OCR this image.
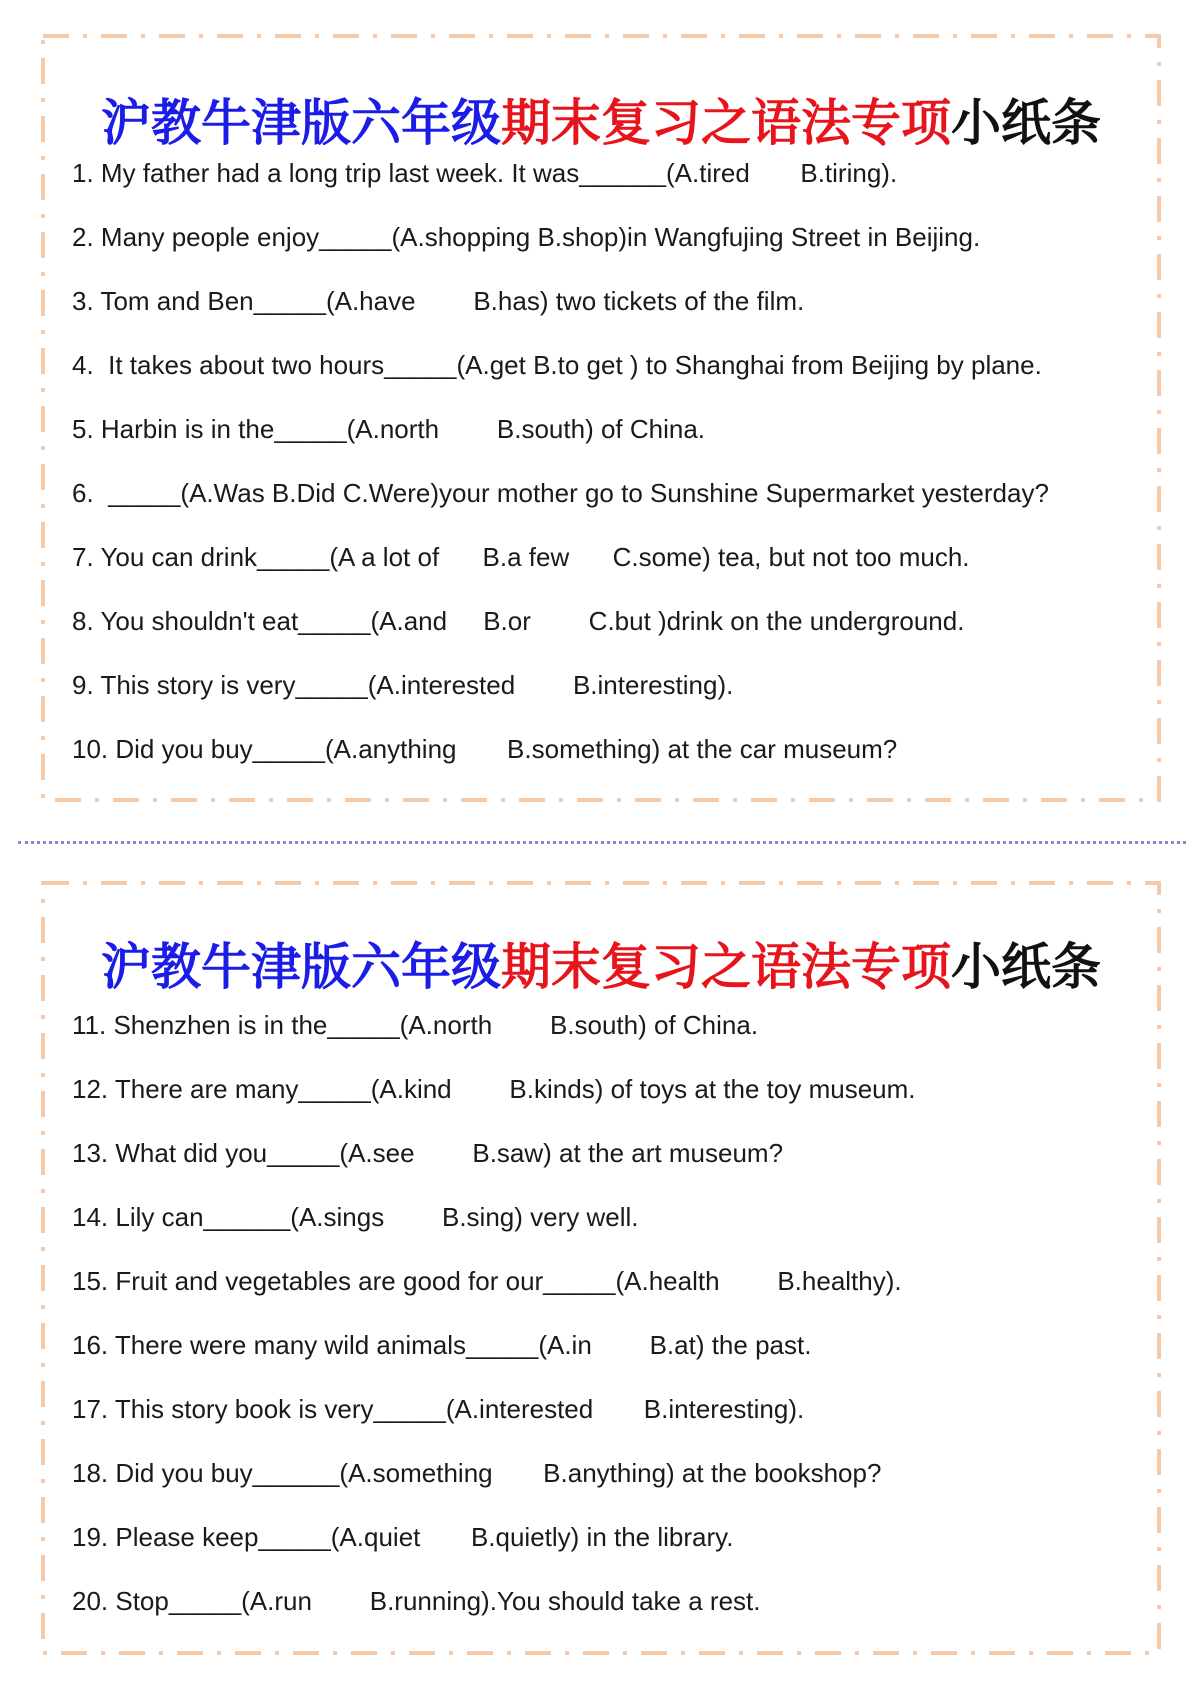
沪教牛津版六年级期末复习之语法专项小纸条
1. My father had a long trip last week. It was______(A.tired       B.tiring).
2. Many people enjoy_____(A.shopping B.shop)in Wangfujing Street in Beijing.
3. Tom and Ben_____(A.have        B.has) two tickets of the film.
4.  It takes about two hours_____(A.get B.to get ) to Shanghai from Beijing by plane.
5. Harbin is in the_____(A.north        B.south) of China.
6.  _____(A.Was B.Did C.Were)your mother go to Sunshine Supermarket yesterday?
7. You can drink_____(A a lot of      B.a few      C.some) tea, but not too much.
8. You shouldn't eat_____(A.and     B.or        C.but )drink on the underground.
9. This story is very_____(A.interested        B.interesting).
10. Did you buy_____(A.anything       B.something) at the car museum?
沪教牛津版六年级期末复习之语法专项小纸条
11. Shenzhen is in the_____(A.north        B.south) of China.
12. There are many_____(A.kind        B.kinds) of toys at the toy museum.
13. What did you_____(A.see        B.saw) at the art museum?
14. Lily can______(A.sings        B.sing) very well.
15. Fruit and vegetables are good for our_____(A.health        B.healthy).
16. There were many wild animals_____(A.in        B.at) the past.
17. This story book is very_____(A.interested       B.interesting).
18. Did you buy______(A.something       B.anything) at the bookshop?
19. Please keep_____(A.quiet       B.quietly) in the library.
20. Stop_____(A.run        B.running).You should take a rest.
